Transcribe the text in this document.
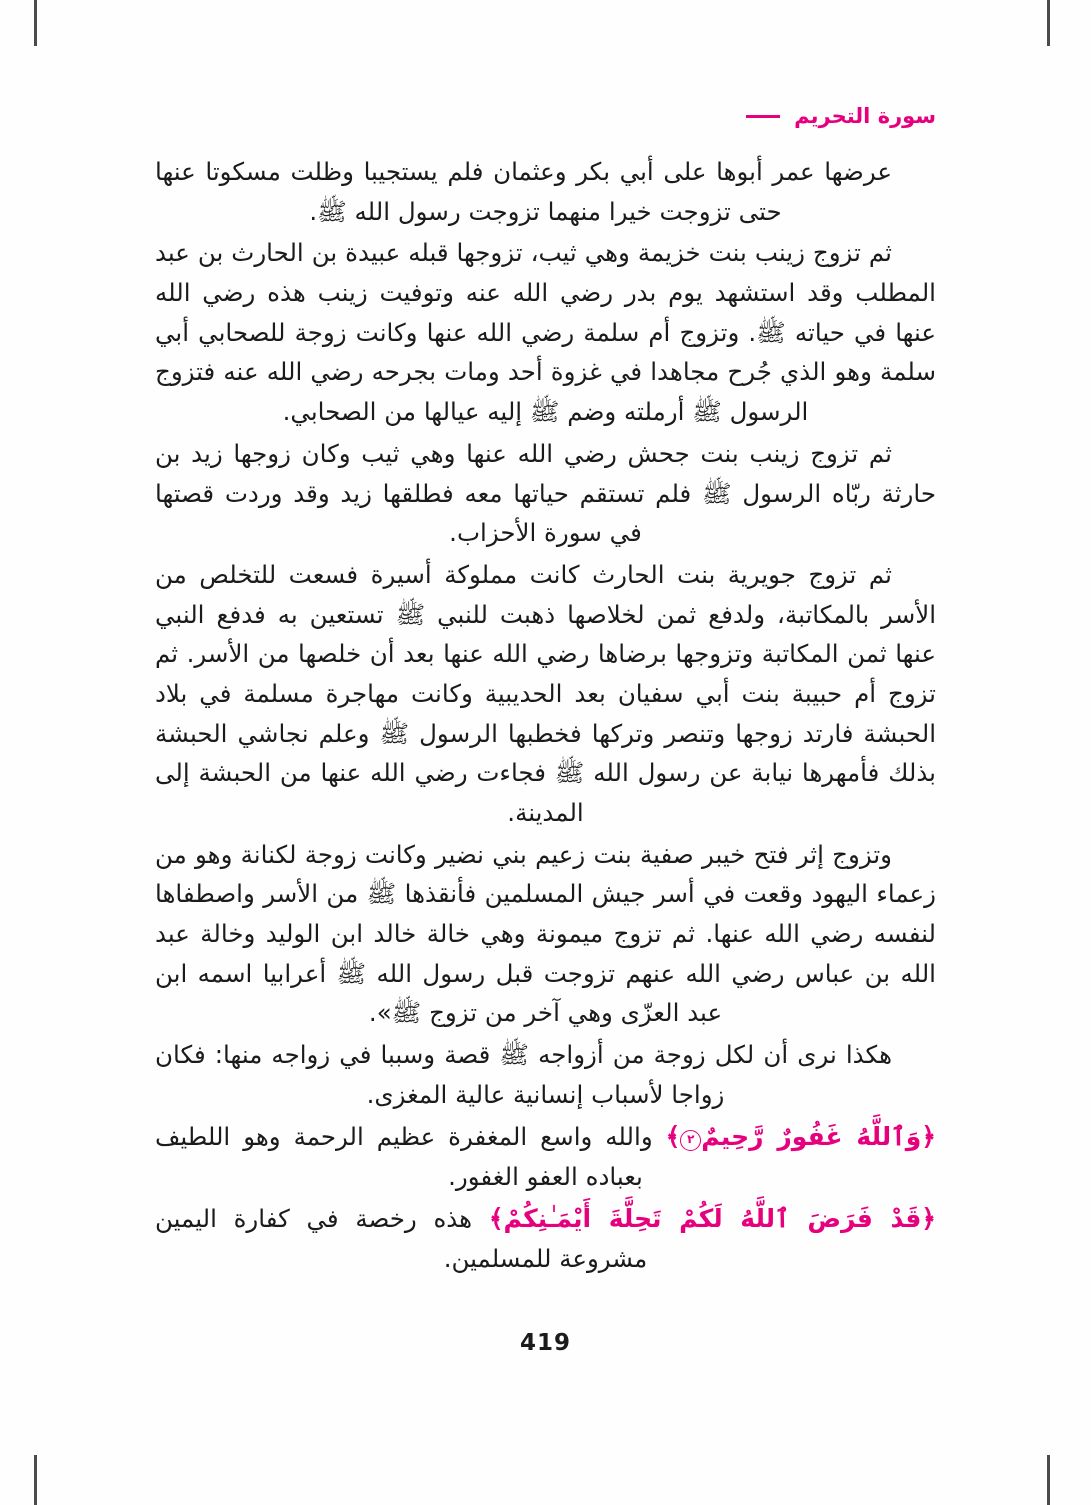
سورة التحريم

عرضها عمر أبوها على أبي بكر وعثمان فلم يستجيبا وظلت مسكوتا عنها حتى تزوجت خيرا منهما تزوجت رسول الله ﷺ.

ثم تزوج زينب بنت خزيمة وهي ثيب، تزوجها قبله عبيدة بن الحارث بن عبد المطلب وقد استشهد يوم بدر رضي الله عنه وتوفيت زينب هذه رضي الله عنها في حياته ﷺ. وتزوج أم سلمة رضي الله عنها وكانت زوجة للصحابي أبي سلمة وهو الذي جُرح مجاهدا في غزوة أحد ومات بجرحه رضي الله عنه فتزوج الرسول ﷺ أرملته وضم ﷺ إليه عيالها من الصحابي.

ثم تزوج زينب بنت جحش رضي الله عنها وهي ثيب وكان زوجها زيد بن حارثة ربّاه الرسول ﷺ فلم تستقم حياتها معه فطلقها زيد وقد وردت قصتها في سورة الأحزاب.

ثم تزوج جويرية بنت الحارث كانت مملوكة أسيرة فسعت للتخلص من الأسر بالمكاتبة، ولدفع ثمن لخلاصها ذهبت للنبي ﷺ تستعين به فدفع النبي عنها ثمن المكاتبة وتزوجها برضاها رضي الله عنها بعد أن خلصها من الأسر. ثم تزوج أم حبيبة بنت أبي سفيان بعد الحديبية وكانت مهاجرة مسلمة في بلاد الحبشة فارتد زوجها وتنصر وتركها فخطبها الرسول ﷺ وعلم نجاشي الحبشة بذلك فأمهرها نيابة عن رسول الله ﷺ فجاءت رضي الله عنها من الحبشة إلى المدينة.

وتزوج إثر فتح خيبر صفية بنت زعيم بني نضير وكانت زوجة لكنانة وهو من زعماء اليهود وقعت في أسر جيش المسلمين فأنقذها ﷺ من الأسر واصطفاها لنفسه رضي الله عنها. ثم تزوج ميمونة وهي خالة خالد ابن الوليد وخالة عبد الله بن عباس رضي الله عنهم تزوجت قبل رسول الله ﷺ أعرابيا اسمه ابن عبد العزّى وهي آخر من تزوج ﷺ».

هكذا نرى أن لكل زوجة من أزواجه ﷺ قصة وسببا في زواجه منها: فكان زواجا لأسباب إنسانية عالية المغزى.

﴿وَٱللَّهُ غَفُورٌ رَّحِيمٌ٢﴾ والله واسع المغفرة عظيم الرحمة وهو اللطيف بعباده العفو الغفور.

﴿قَدْ فَرَضَ ٱللَّهُ لَكُمْ تَحِلَّةَ أَيْمَـٰنِكُمْ﴾ هذه رخصة في كفارة اليمين مشروعة للمسلمين.

419
